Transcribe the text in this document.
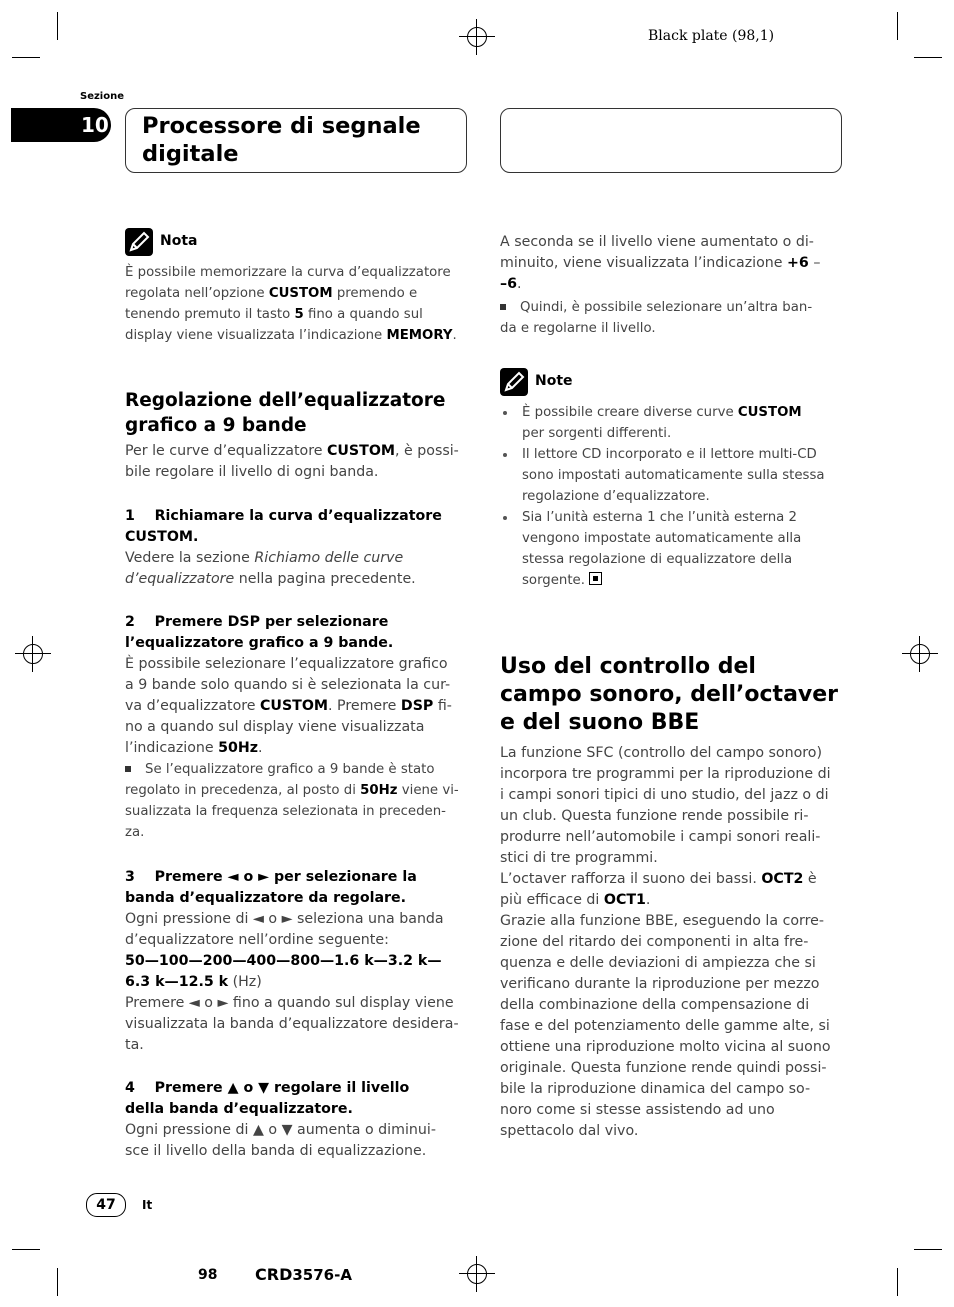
Black plate (98,1)
Sezione
10 Processore di segnale
digitale
Nota
È possibile memorizzare la curva d’equalizzatore
regolata nell’opzione CUSTOM premendo e
tenendo premuto il tasto 5 fino a quando sul
display viene visualizzata l’indicazione MEMORY.
Regolazione dell’equalizzatore
grafico a 9 bande
Per le curve d’equalizzatore CUSTOM, è possi-
bile regolare il livello di ogni banda.
1    Richiamare la curva d’equalizzatore
CUSTOM.
Vedere la sezione Richiamo delle curve
d’equalizzatore nella pagina precedente.
2    Premere DSP per selezionare
l’equalizzatore grafico a 9 bande.
È possibile selezionare l’equalizzatore grafico
a 9 bande solo quando si è selezionata la cur-
va d’equalizzatore CUSTOM. Premere DSP fi-
no a quando sul display viene visualizzata
l’indicazione 50Hz.
Se l’equalizzatore grafico a 9 bande è stato
regolato in precedenza, al posto di 50Hz viene vi-
sualizzata la frequenza selezionata in preceden-
za.
3    Premere ◄ o ► per selezionare la
banda d’equalizzatore da regolare.
Ogni pressione di ◄ o ► seleziona una banda
d’equalizzatore nell’ordine seguente:
50—100—200—400—800—1.6 k—3.2 k—
6.3 k—12.5 k (Hz)
Premere ◄ o ► fino a quando sul display viene
visualizzata la banda d’equalizzatore desidera-
ta.
4    Premere ▲ o ▼ regolare il livello
della banda d’equalizzatore.
Ogni pressione di ▲ o ▼ aumenta o diminui-
sce il livello della banda di equalizzazione.
A seconda se il livello viene aumentato o di-
minuito, viene visualizzata l’indicazione +6 –
–6.
Quindi, è possibile selezionare un’altra ban-
da e regolarne il livello.
Note
È possibile creare diverse curve CUSTOM
per sorgenti differenti.
Il lettore CD incorporato e il lettore multi-CD
sono impostati automaticamente sulla stessa
regolazione d’equalizzatore.
Sia l’unità esterna 1 che l’unità esterna 2
vengono impostate automaticamente alla
stessa regolazione di equalizzatore della
sorgente.
Uso del controllo del
campo sonoro, dell’octaver
e del suono BBE
La funzione SFC (controllo del campo sonoro)
incorpora tre programmi per la riproduzione di
i campi sonori tipici di uno studio, del jazz o di
un club. Questa funzione rende possibile ri-
produrre nell’automobile i campi sonori reali-
stici di tre programmi.
L’octaver rafforza il suono dei bassi. OCT2 è
più efficace di OCT1.
Grazie alla funzione BBE, eseguendo la corre-
zione del ritardo dei componenti in alta fre-
quenza e delle deviazioni di ampiezza che si
verificano durante la riproduzione per mezzo
della combinazione della compensazione di
fase e del potenziamento delle gamme alte, si
ottiene una riproduzione molto vicina al suono
originale. Questa funzione rende quindi possi-
bile la riproduzione dinamica del campo so-
noro come si stesse assistendo ad uno
spettacolo dal vivo.
47	It
98 CRD3576-A
